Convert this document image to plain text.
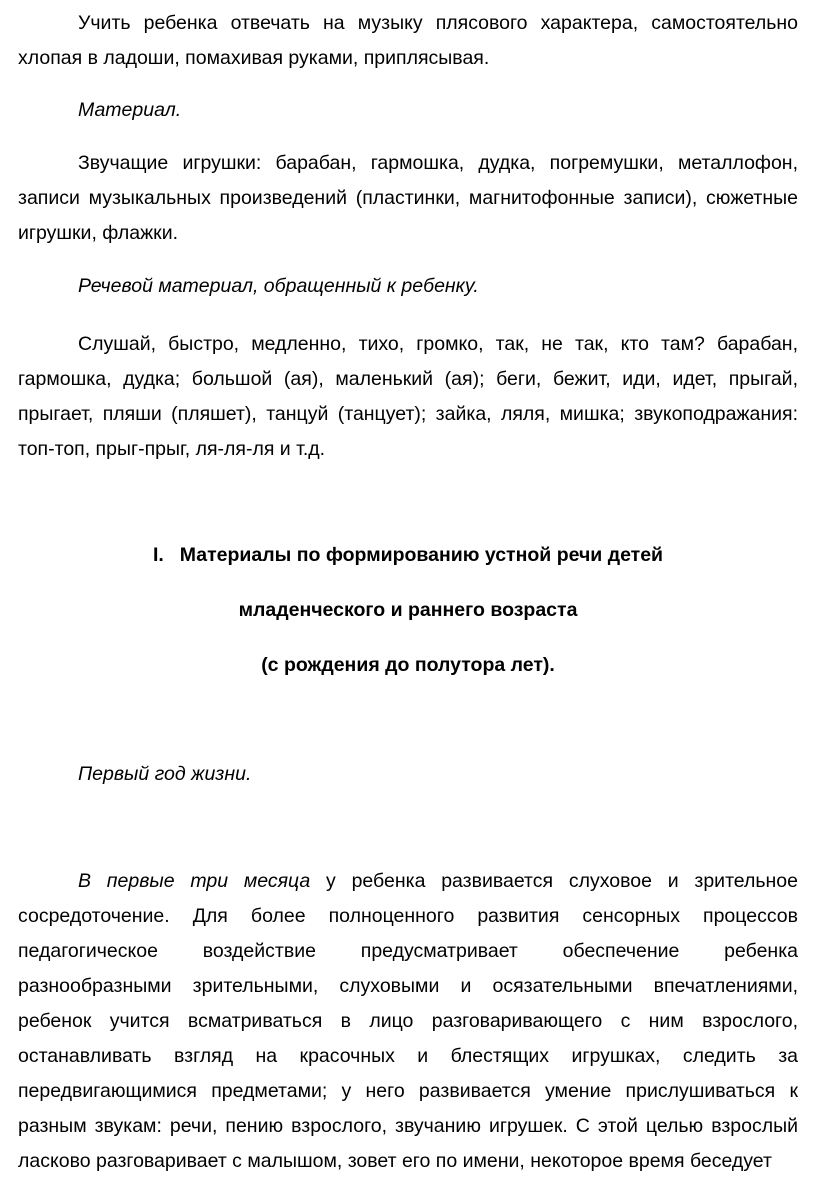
Учить ребенка отвечать на музыку плясового характера, самостоятельно хлопая в ладоши, помахивая руками, приплясывая.

Материал.

Звучащие игрушки: барабан, гармошка, дудка, погремушки, металлофон, записи музыкальных произведений (пластинки, магнитофонные записи), сюжетные игрушки, флажки.

Речевой материал, обращенный к ребенку.

Слушай, быстро, медленно, тихо, громко, так, не так, кто там? барабан, гармошка, дудка; большой (ая), маленький (ая); беги, бежит, иди, идет, прыгай, прыгает, пляши (пляшет), танцуй (танцует); зайка, ляля, мишка; звукоподражания: топ-топ, прыг-прыг, ля-ля-ля и т.д.

I. Материалы по формированию устной речи детей

младенческого и раннего возраста

(с рождения до полутора лет).

Первый год жизни.

В первые три месяца у ребенка развивается слуховое и зрительное сосредоточение. Для более полноценного развития сенсорных процессов педагогическое воздействие предусматривает обеспечение ребенка разнообразными зрительными, слуховыми и осязательными впечатлениями, ребенок учится всматриваться в лицо разговаривающего с ним взрослого, останавливать взгляд на красочных и блестящих игрушках, следить за передвигающимися предметами; у него развивается умение прислушиваться к разным звукам: речи, пению взрослого, звучанию игрушек. С этой целью взрослый ласково разговаривает с малышом, зовет его по имени, некоторое время беседует
